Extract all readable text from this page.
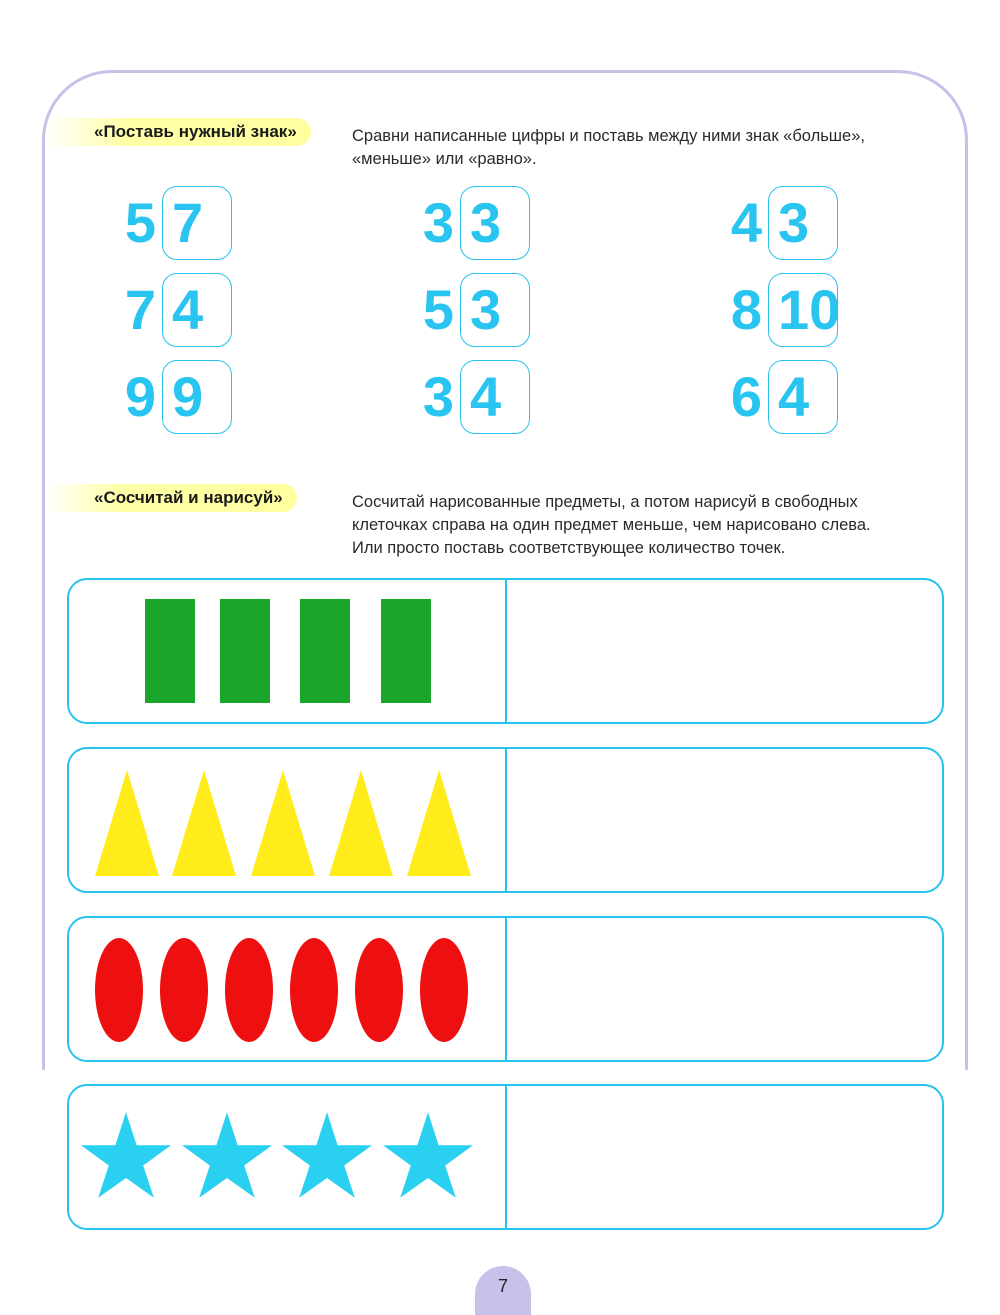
«Поставь нужный знак»	Сравни написанные цифры и поставь между ними знак «больше»,
«меньше» или «равно».
5 7	3 3	4 3
7 4	5 3	8 10
9 9	3 4	6 4
«Сосчитай и нарисуй»	Сосчитай нарисованные предметы, а потом нарисуй в свободных
клеточках справа на один предмет меньше, чем нарисовано слева.
Или просто поставь соответствующее количество точек.
7
